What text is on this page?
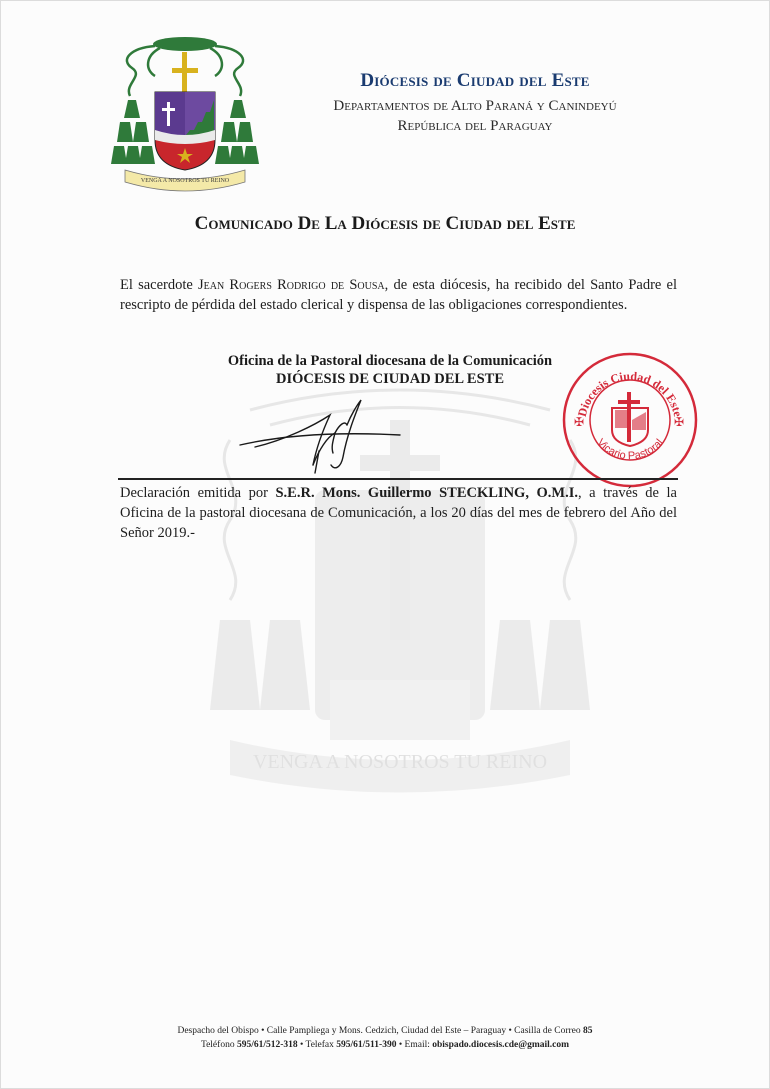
VENGA A NOSOTROS TU REINO
VENGA A NOSOTROS TU REINO
Diócesis de Ciudad del Este
Departamentos de Alto Paraná y Canindeyú
República del Paraguay
Comunicado De La Diócesis de Ciudad del Este
El sacerdote Jean Rogers Rodrigo de Sousa, de esta diócesis, ha recibido del Santo Padre el rescripto de pérdida del estado clerical y dispensa de las obligaciones correspondientes.
Oficina de la Pastoral diocesana de la Comunicación
DIÓCESIS DE CIUDAD DEL ESTE
Diocesis Ciudad del Este
Vicario Pastoral
✠	✠
Declaración emitida por S.E.R. Mons. Guillermo STECKLING, O.M.I., a través de la Oficina de la pastoral diocesana de Comunicación, a los 20 días del mes de febrero del Año del Señor 2019.-
Despacho del Obispo • Calle Pampliega y Mons. Cedzich, Ciudad del Este – Paraguay • Casilla de Correo 85
Teléfono 595/61/512-318 • Telefax 595/61/511-390 • Email: obispado.diocesis.cde@gmail.com
